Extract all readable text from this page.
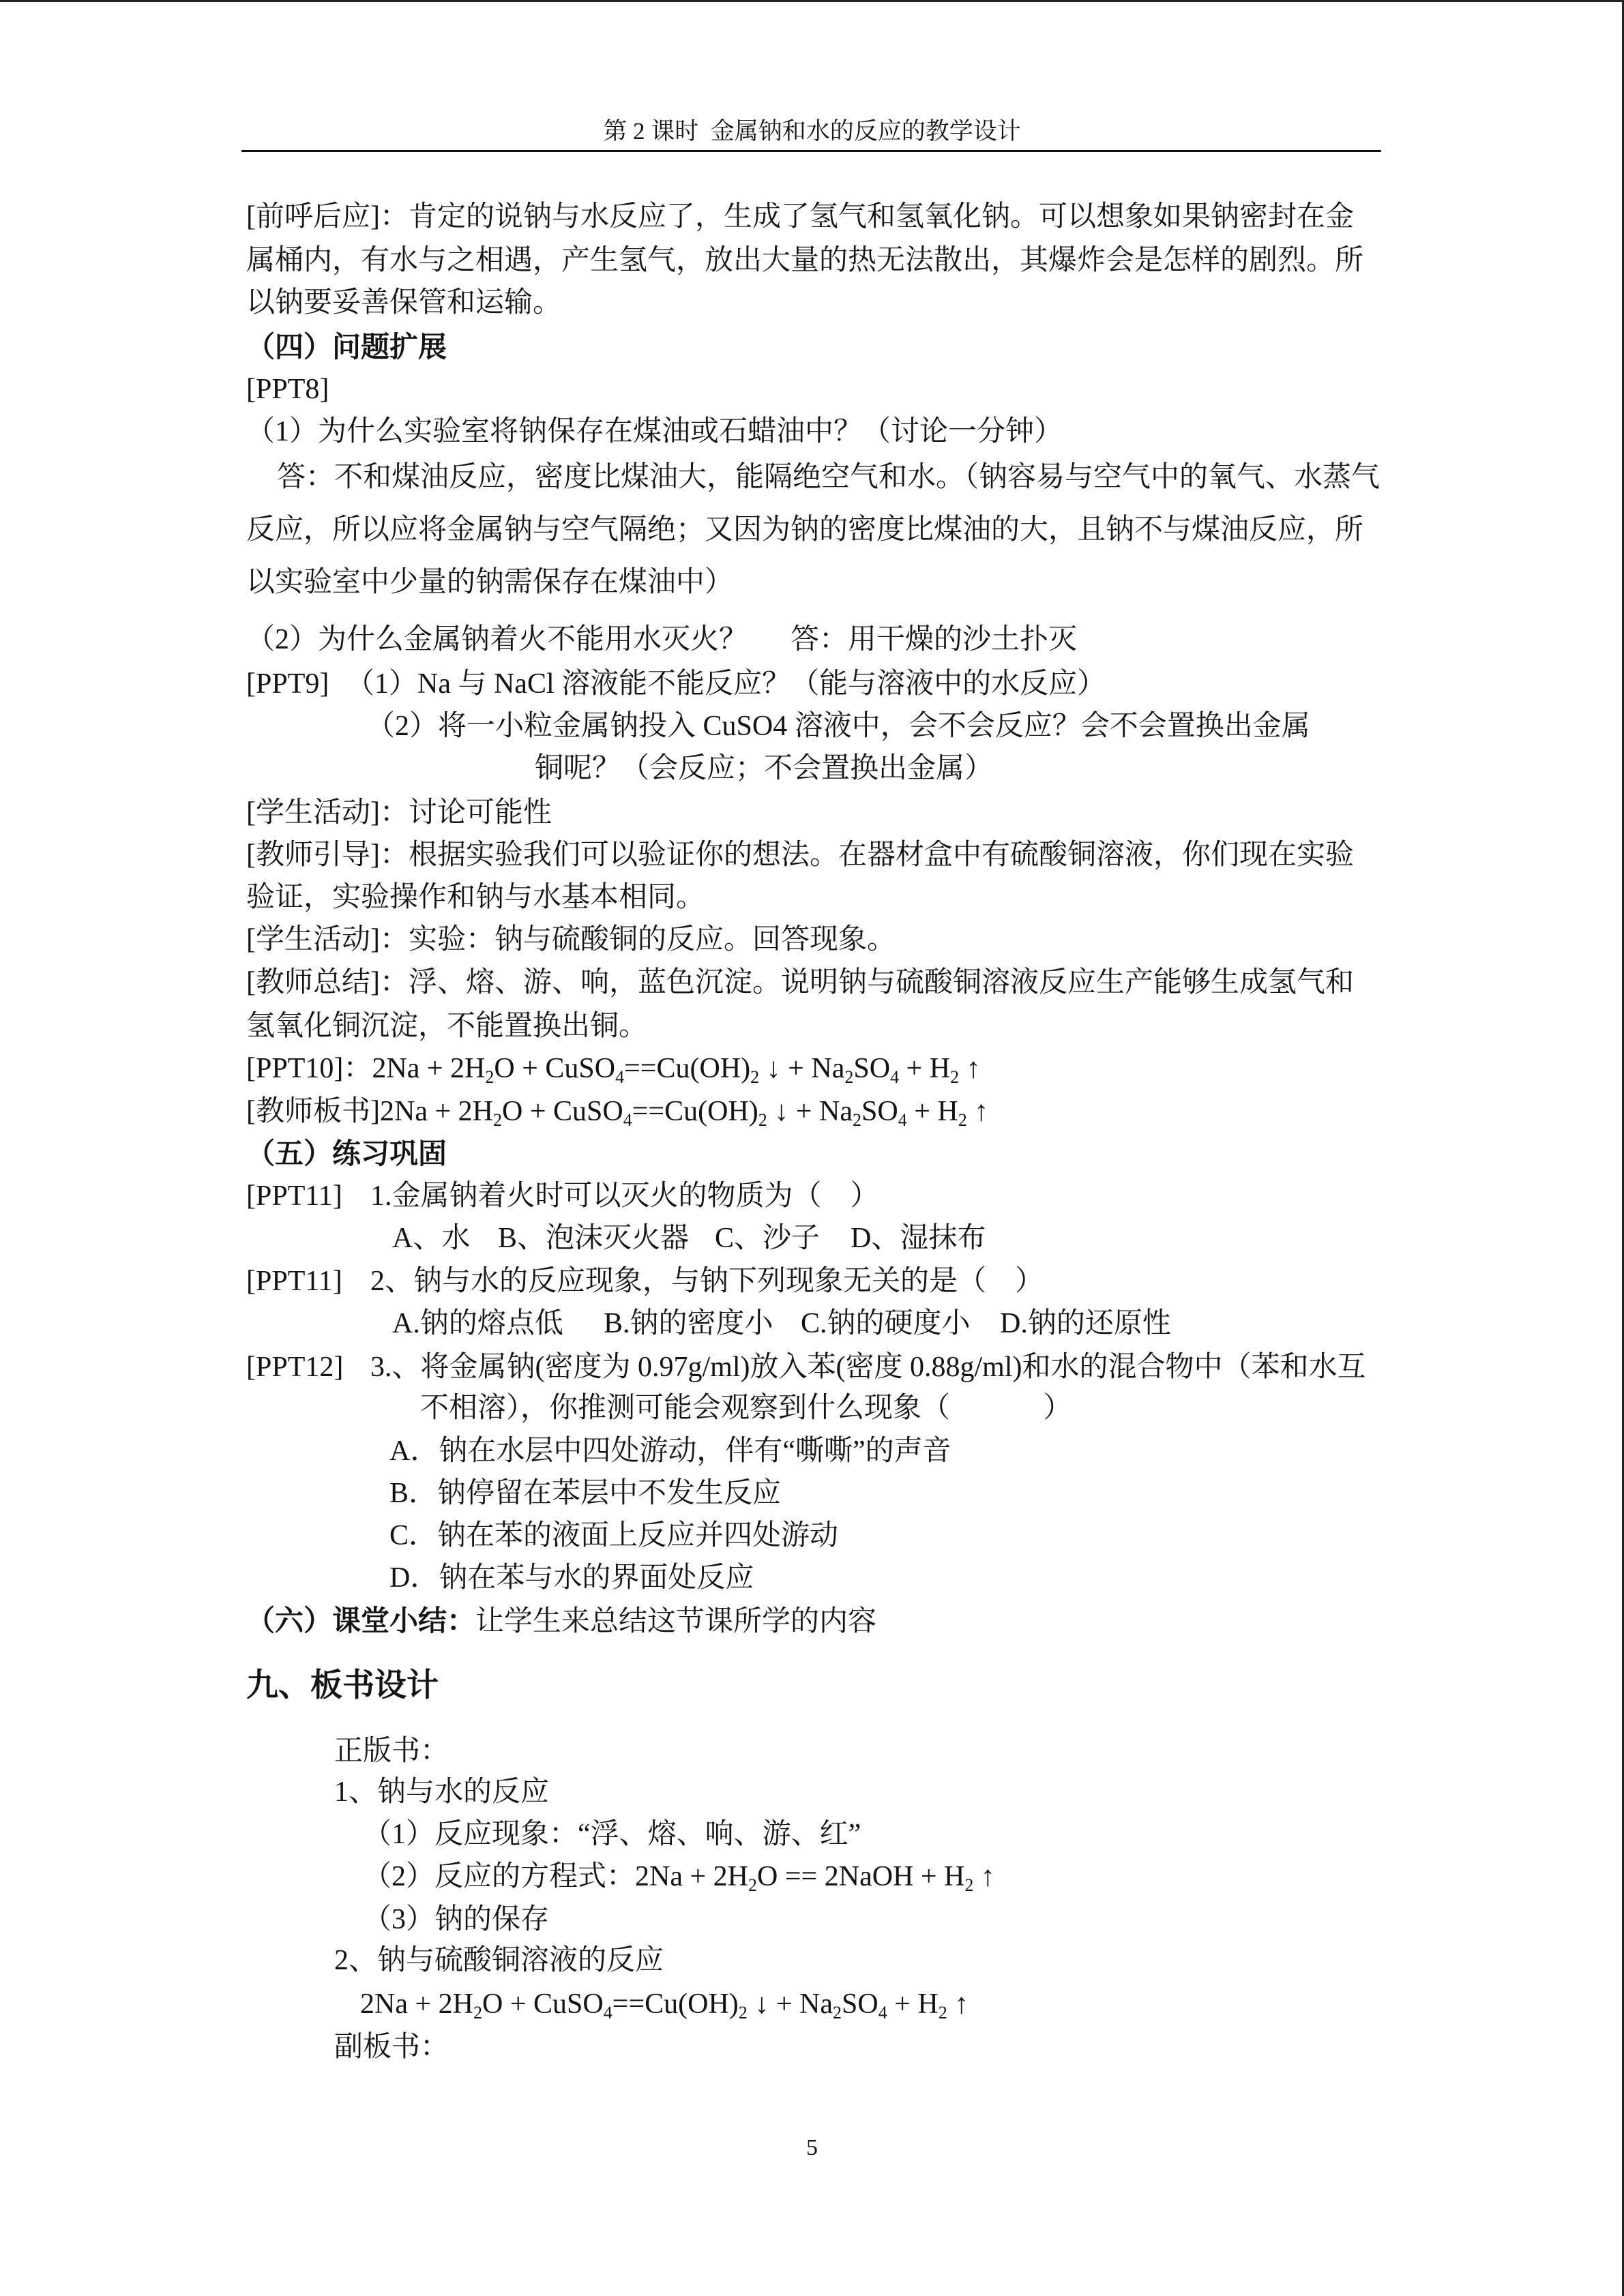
第 2 课时  金属钠和水的反应的教学设计
[前呼后应]：肯定的说钠与水反应了，生成了氢气和氢氧化钠。可以想象如果钠密封在金
属桶内，有水与之相遇，产生氢气，放出大量的热无法散出，其爆炸会是怎样的剧烈。所
以钠要妥善保管和运输。
（四）问题扩展
[PPT8]
（1）为什么实验室将钠保存在煤油或石蜡油中？（讨论一分钟）
答：不和煤油反应，密度比煤油大，能隔绝空气和水。（钠容易与空气中的氧气、水蒸气
反应，所以应将金属钠与空气隔绝；又因为钠的密度比煤油的大，且钠不与煤油反应，所
以实验室中少量的钠需保存在煤油中）
（2）为什么金属钠着火不能用水灭火？ 答：用干燥的沙土扑灭
[PPT9] （1）Na 与 NaCl 溶液能不能反应？（能与溶液中的水反应）
（2）将一小粒金属钠投入 CuSO4 溶液中，会不会反应？会不会置换出金属
铜呢？（会反应；不会置换出金属）
[学生活动]：讨论可能性
[教师引导]：根据实验我们可以验证你的想法。在器材盒中有硫酸铜溶液，你们现在实验
验证，实验操作和钠与水基本相同。
[学生活动]：实验：钠与硫酸铜的反应。回答现象。
[教师总结]：浮、熔、游、响，蓝色沉淀。说明钠与硫酸铜溶液反应生产能够生成氢气和
氢氧化铜沉淀，不能置换出铜。
[PPT10]：2Na + 2H2O + CuSO4==Cu(OH)2 ↓ + Na2SO4 + H2 ↑
[教师板书]2Na + 2H2O + CuSO4==Cu(OH)2 ↓ + Na2SO4 + H2 ↑
（五）练习巩固
[PPT11] 1.金属钠着火时可以灭火的物质为（　）
A、水 B、泡沫灭火器 C、沙子 D、湿抹布
[PPT11] 2、钠与水的反应现象，与钠下列现象无关的是（　）
A.钠的熔点低 B.钠的密度小 C.钠的硬度小 D.钠的还原性
[PPT12] 3.、将金属钠(密度为 0.97g/ml)放入苯(密度 0.88g/ml)和水的混合物中（苯和水互
不相溶），你推测可能会观察到什么现象（　　　 ）
A．钠在水层中四处游动，伴有“嘶嘶”的声音
B．钠停留在苯层中不发生反应
C．钠在苯的液面上反应并四处游动
D．钠在苯与水的界面处反应
（六）课堂小结：让学生来总结这节课所学的内容
九、板书设计
正版书：
1、钠与水的反应
（1）反应现象：“浮、熔、响、游、红”
（2）反应的方程式：2Na + 2H2O == 2NaOH + H2 ↑
（3）钠的保存
2、钠与硫酸铜溶液的反应
2Na + 2H2O + CuSO4==Cu(OH)2 ↓ + Na2SO4 + H2 ↑
副板书：
5
